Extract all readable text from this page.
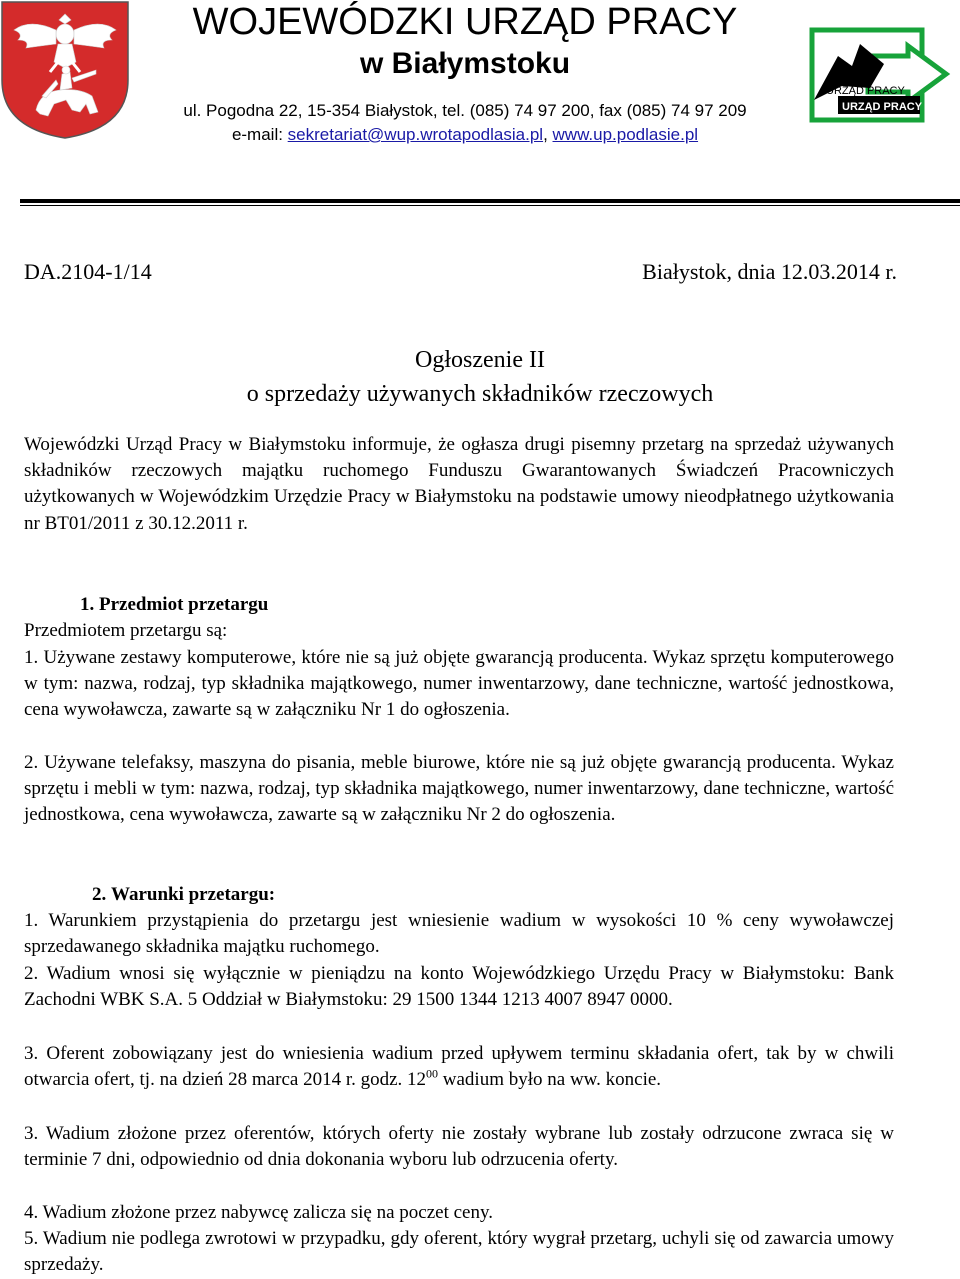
WOJEWÓDZKI URZĄD PRACY
w Białymstoku
ul. Pogodna 22, 15-354 Białystok, tel. (085) 74 97 200, fax (085) 74 97 209
e-mail: sekretariat@wup.wrotapodlasia.pl, www.up.podlasie.pl
URZĄD PRACY
URZĄD PRACY
DA.2104-1/14	Białystok, dnia 12.03.2014 r.
Ogłoszenie II
o sprzedaży używanych składników rzeczowych
Wojewódzki Urząd Pracy w Białymstoku informuje, że ogłasza drugi pisemny przetarg na sprzedaż używanych składników rzeczowych majątku ruchomego Funduszu Gwarantowanych Świadczeń Pracowniczych użytkowanych w Wojewódzkim Urzędzie Pracy w Białymstoku na podstawie umowy nieodpłatnego użytkowania nr BT01/2011 z 30.12.2011 r.
1. Przedmiot przetargu
Przedmiotem przetargu są:
1. Używane zestawy komputerowe, które nie są już objęte gwarancją producenta. Wykaz sprzętu komputerowego w tym: nazwa, rodzaj, typ składnika majątkowego, numer inwentarzowy, dane techniczne, wartość jednostkowa, cena wywoławcza, zawarte są w załączniku Nr 1 do ogłoszenia.
2. Używane telefaksy, maszyna do pisania, meble biurowe, które nie są już objęte gwarancją producenta. Wykaz sprzętu i mebli w tym: nazwa, rodzaj, typ składnika majątkowego, numer inwentarzowy, dane techniczne, wartość jednostkowa, cena wywoławcza, zawarte są w załączniku Nr 2 do ogłoszenia.
2. Warunki przetargu:
1. Warunkiem przystąpienia do przetargu jest wniesienie wadium w wysokości 10 % ceny wywoławczej sprzedawanego składnika majątku ruchomego.
2. Wadium wnosi się wyłącznie w pieniądzu na konto Wojewódzkiego Urzędu Pracy w Białymstoku: Bank Zachodni WBK S.A. 5 Oddział w Białymstoku: 29 1500 1344 1213 4007 8947 0000.
3. Oferent zobowiązany jest do wniesienia wadium przed upływem terminu składania ofert, tak by w chwili otwarcia ofert, tj. na dzień 28 marca 2014 r. godz. $12^{00}$ wadium było na ww. koncie.
3. Wadium złożone przez oferentów, których oferty nie zostały wybrane lub zostały odrzucone zwraca się w terminie 7 dni, odpowiednio od dnia dokonania wyboru lub odrzucenia oferty.
4. Wadium złożone przez nabywcę zalicza się na poczet ceny.
5. Wadium nie podlega zwrotowi w przypadku, gdy oferent, który wygrał przetarg, uchyli się od zawarcia umowy sprzedaży.
